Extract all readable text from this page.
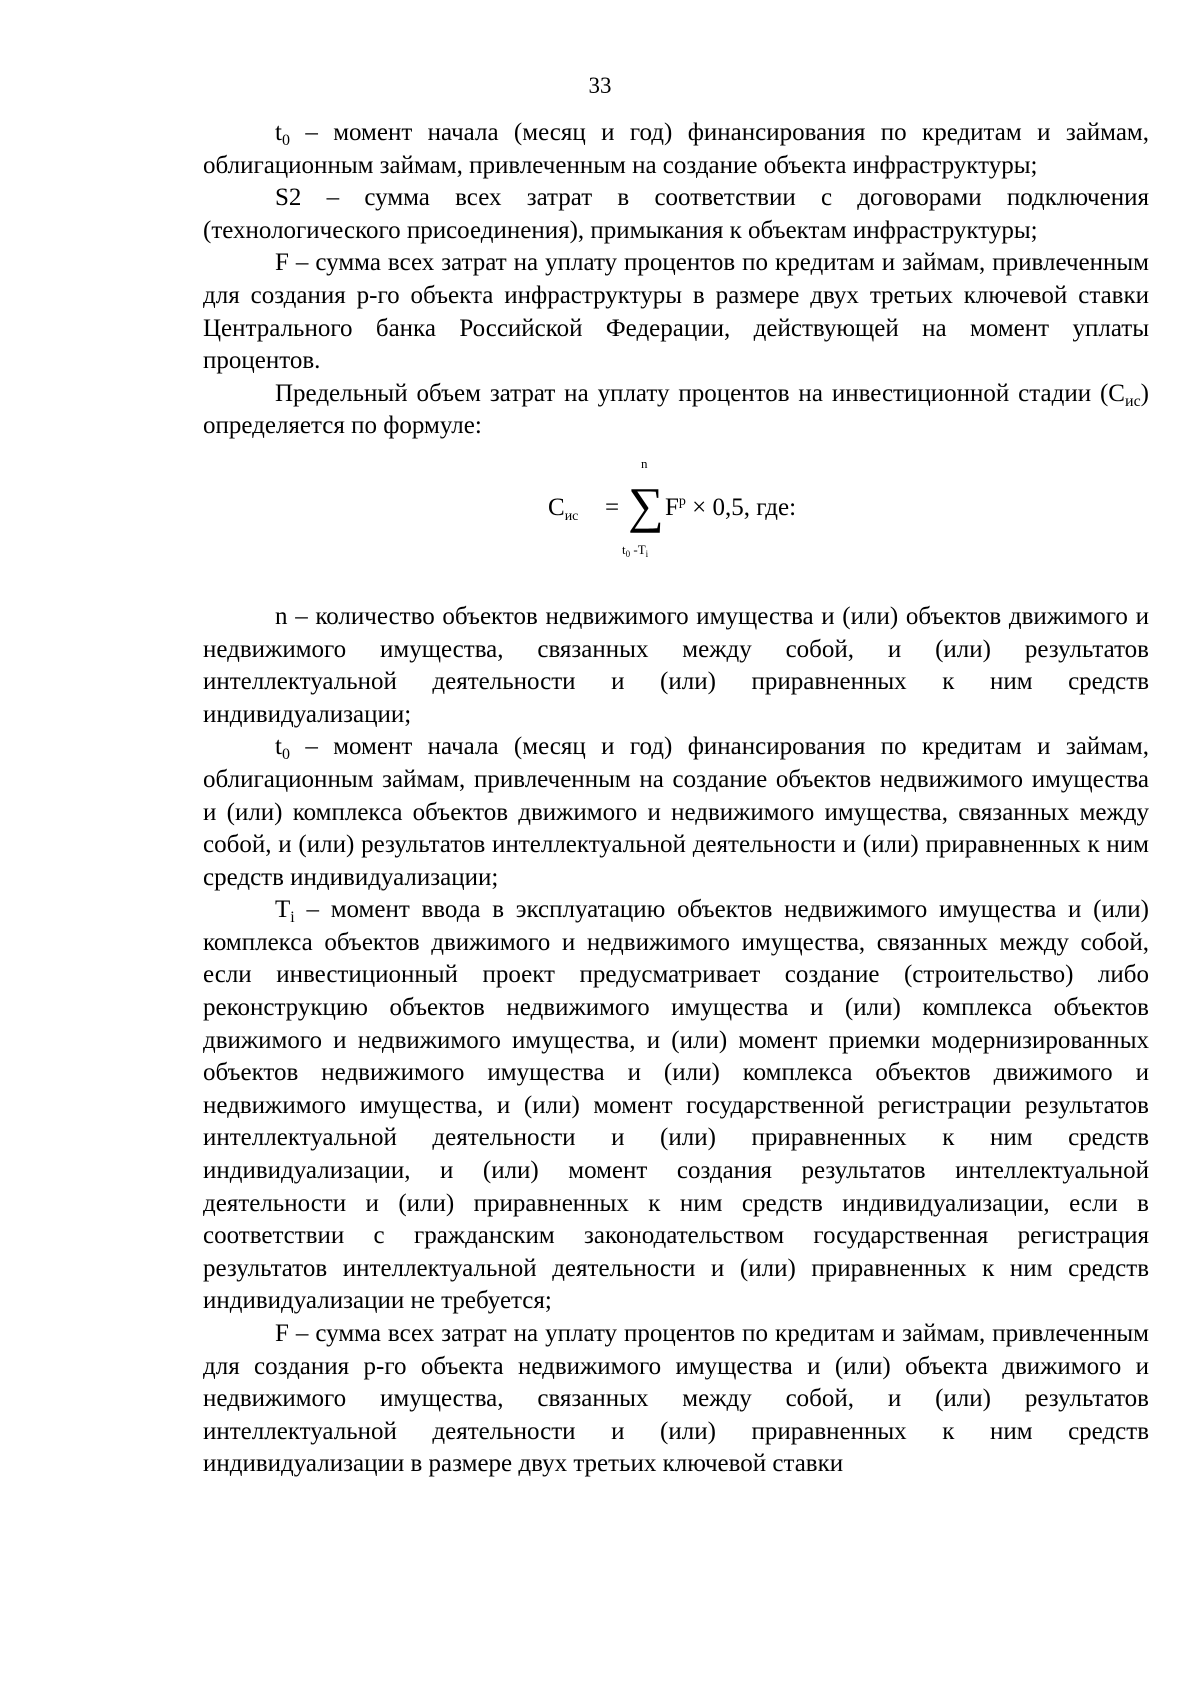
33

$t_0$ – момент начала (месяц и год) финансирования по кредитам и займам, облигационным займам, привлеченным на создание объекта инфраструктуры;

S2 – сумма всех затрат в соответствии с договорами подключения (технологического присоединения), примыкания к объектам инфраструктуры;

F – сумма всех затрат на уплату процентов по кредитам и займам, привлеченным для создания p-го объекта инфраструктуры в размере двух третьих ключевой ставки Центрального банка Российской Федерации, действующей на момент уплаты процентов.

Предельный объем затрат на уплату процентов на инвестиционной стадии $(С_{ис})$ определяется по формуле:

$C_{ис}$ =
n
∑
$t_0$ $-T_i$
$F^p \times 0,5$, где:

n – количество объектов недвижимого имущества и (или) объектов движимого и недвижимого имущества, связанных между собой, и (или) результатов интеллектуальной деятельности и (или) приравненных к ним средств индивидуализации;

$t_0$ – момент начала (месяц и год) финансирования по кредитам и займам, облигационным займам, привлеченным на создание объектов недвижимого имущества и (или) комплекса объектов движимого и недвижимого имущества, связанных между собой, и (или) результатов интеллектуальной деятельности и (или) приравненных к ним средств индивидуализации;

$T_i$ – момент ввода в эксплуатацию объектов недвижимого имущества и (или) комплекса объектов движимого и недвижимого имущества, связанных между собой, если инвестиционный проект предусматривает создание (строительство) либо реконструкцию объектов недвижимого имущества и (или) комплекса объектов движимого и недвижимого имущества, и (или) момент приемки модернизированных объектов недвижимого имущества и (или) комплекса объектов движимого и недвижимого имущества, и (или) момент государственной регистрации результатов интеллектуальной деятельности и (или) приравненных к ним средств индивидуализации, и (или) момент создания результатов интеллектуальной деятельности и (или) приравненных к ним средств индивидуализации, если в соответствии с гражданским законодательством государственная регистрация результатов интеллектуальной деятельности и (или) приравненных к ним средств индивидуализации не требуется;

F – сумма всех затрат на уплату процентов по кредитам и займам, привлеченным для создания p-го объекта недвижимого имущества и (или) объекта движимого и недвижимого имущества, связанных между собой, и (или) результатов интеллектуальной деятельности и (или) приравненных к ним средств индивидуализации в размере двух третьих ключевой ставки
